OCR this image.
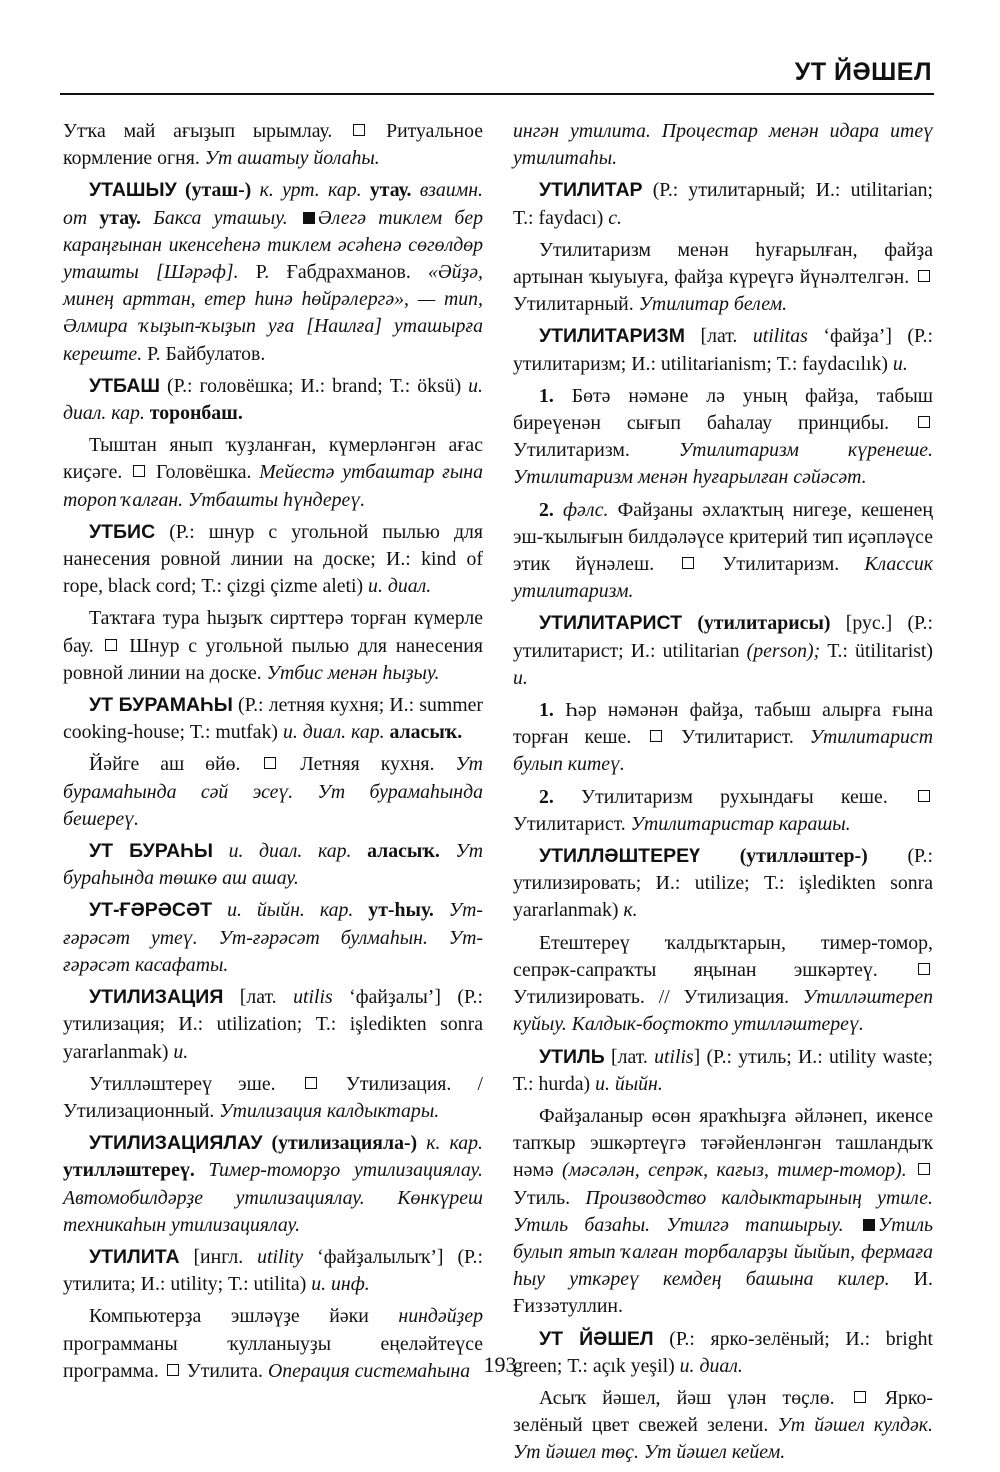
УТ ЙӘШЕЛ

Утҡа май ағыҙып ырымлау.	Ритуальное кормление огня. Ут ашатыу йолаһы.

УТАШЫУ (уташ-) к. урт. кар. утау. взаимн. от утау. Бакса уташыу. Әлегә тиклем бер караңғынан икенсеһенә тиклем әсәһенә сөгөлдөр уташты [Шәрәф]. Р. Ғабдрахманов. «Әйҙә, минең арттан, етер һинә һөйрәлергә», — тип, Әлмира ҡыҙып-ҡыҙып уға [Наилға] уташырға кереште. Р. Байбулатов.

УТБАШ (Р.: головёшка; И.: brand; Т.: öksü) и. диал. кар. торонбаш.

Тыштан янып ҡуҙланған, күмерләнгән ағас киҫәге. Головёшка. Мейестә утбаштар ғына тороп ҡалған. Утбашты һүндереү.

УТБИС (Р.: шнур с угольной пылью для нанесения ровной линии на доске; И.: kind of rope, black cord; Т.: çizgi çizme aleti) и. диал.

Таҡтаға тура һыҙыҡ сирттерә торған күмерле бау. Шнур с угольной пылью для нанесения ровной линии на доске. Утбис менән һыҙыу.

УТ БУРАМАҺЫ (Р.: летняя кухня; И.: summer cooking-house; Т.: mutfak) и. диал. кар. аласыҡ.

Йәйге аш өйө.	Летняя кухня. Ут бурамаһында сәй эсеү. Ут бурамаһында бешереү.

УТ БУРАҺЫ и. диал. кар. аласыҡ. Ут бураһында төшкө аш ашау.

УТ-ҒӘРӘСӘТ и. йыйн. кар. ут-һыу. Ут-ғәрәсәт утеү. Ут-ғәрәсәт булмаһын. Ут-ғәрәсәт касафаты.

УТИЛИЗАЦИЯ [лат. utilis ‘файҙалы’] (Р.: утилизация; И.: utilization; Т.: işledikten sonra yararlanmak) и.

Утилләштереү эше.	Утилизация. / Утилизационный. Утилизация калдыктары.

УТИЛИЗАЦИЯЛАУ (утилизацияла-) к. кар. утилләштереү. Тимер-томорҙо утилизациялау. Автомобилдәрҙе утилизациялау. Көнкүреш техникаһын утилизациялау.

УТИЛИТА [ингл. utility ‘файҙалылыҡ’] (Р.: утилита; И.: utility; Т.: utilita) и. инф.

Компьютерҙа эшләүҙе йәки ниндәйҙер программаны ҡулланыуҙы еңеләйтеүсе программа. Утилита. Операция системаһына

ингән утилита. Процестар менән идара итеү утилитаһы.

УТИЛИТАР (Р.: утилитарный; И.: utilitarian; Т.: faydacı) с.

Утилитаризм менән һуғарылған, файҙа артынан ҡыуыуға, файҙа күреүгә йүнәлтелгән.  Утилитарный. Утилитар белем.

УТИЛИТАРИЗМ [лат. utilitas ‘файҙа’] (Р.: утилитаризм; И.: utilitarianism; Т.: faydacılık) и.

1. Бөтә нәмәне лә уның файҙа, табыш биреүенән сығып баһалау принцибы.  Утилитаризм. Утилитаризм күренеше. Утилитаризм менән һуғарылған сәйәсәт.

2. фәлс. Файҙаны әхлаҡтың нигеҙе, кешенең эш-ҡылығын билдәләүсе критерий тип иҫәпләүсе этик йүнәлеш.	Утилитаризм. Классик утилитаризм.

УТИЛИТАРИСТ (утилитарисы) [рус.] (Р.: утилитарист; И.: utilitarian (person); Т.: ütilitarist) и.

1. Һәр нәмәнән файҙа, табыш алырға ғына торған кеше.	Утилитарист. Утилитарист булып китеү.

2. Утилитаризм рухындағы кеше.  Утилитарист. Утилитаристар карашы.

УТИЛЛӘШТЕРЕҮ (утилләштер-) (Р.: утилизировать; И.: utilize; Т.: işledikten sonra yararlanmak) к.

Етештереү ҡалдыҡтарын, тимер-томор, сепрәк-сапраҡты яңынан эшкәртеү.  Утилизировать. // Утилизация. Утилләштереп куйыу. Калдык-боҫтокто утилләштереү.

УТИЛЬ [лат. utilis] (Р.: утиль; И.: utility waste; Т.: hurda) и. йыйн.

Файҙаланыр өсөн яраҡһыҙға әйләнеп, икенсе тапҡыр эшкәртеүгә тәғәйенләнгән ташландыҡ нәмә (мәсәлән, сепрәк, кағыз, тимер-томор).  Утиль. Производство калдыктарының утиле. Утиль базаһы. Утилгә тапшырыу. Утиль булып ятып ҡалған торбаларҙы йыйып, фермаға һыу уткәреү кемдең башына килер. И. Ғиззәтуллин.

УТ ЙӘШЕЛ (Р.: ярко-зелёный; И.: bright green; Т.: açık yeşil) и. диал.

Асыҡ йәшел, йәш үлән төҫлө.	Ярко-зелёный цвет свежей зелени. Ут йәшел кулдәк. Ут йәшел төҫ. Ут йәшел кейем.

193
